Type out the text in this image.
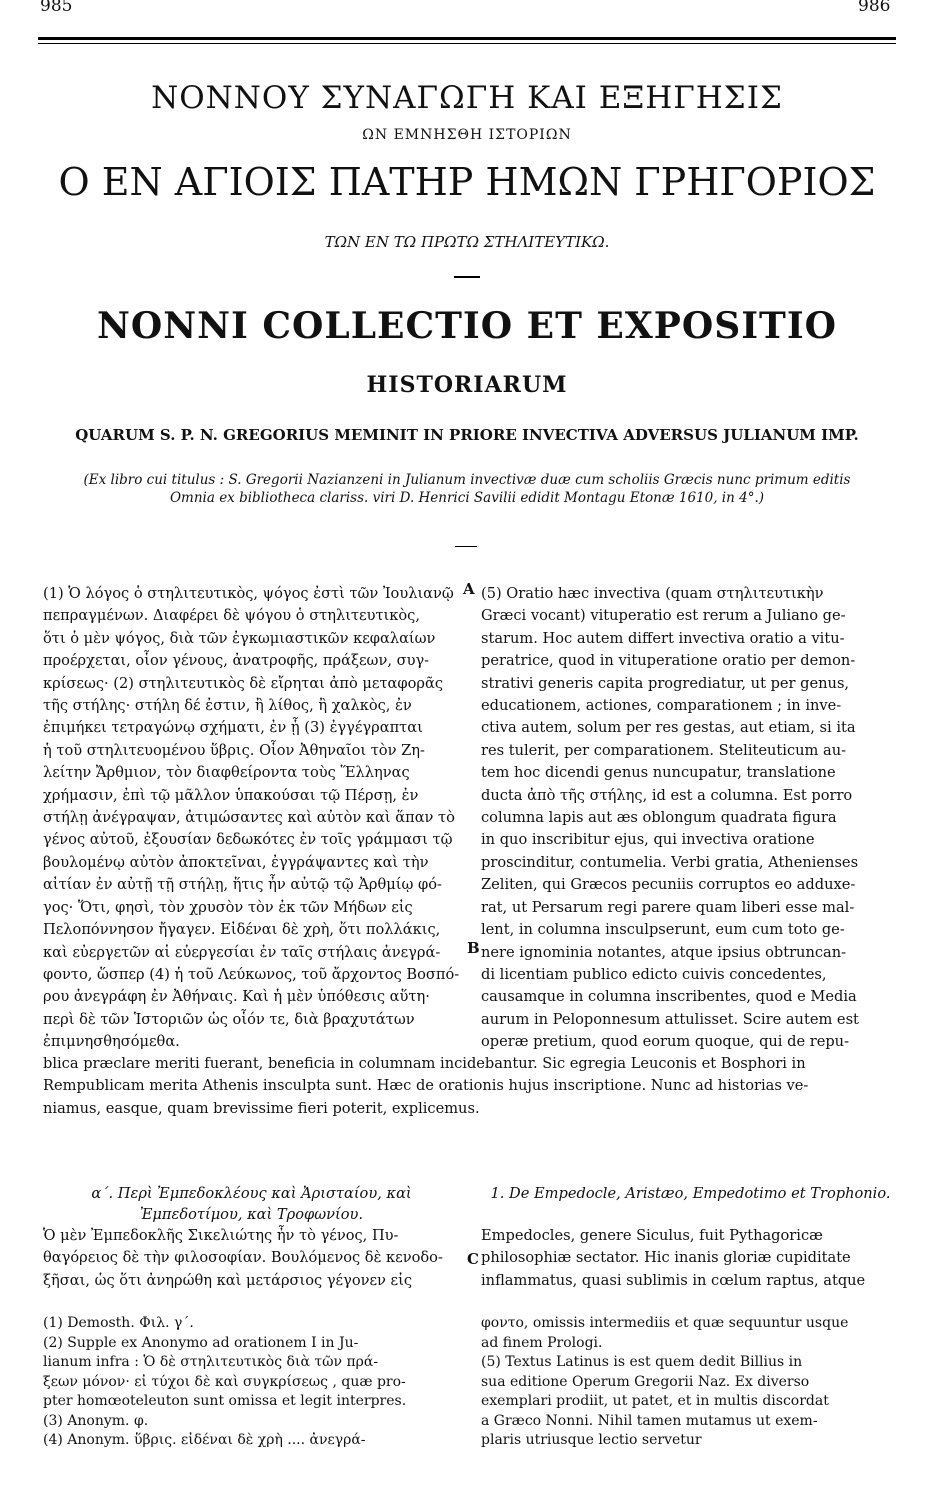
985	986
ΝΟΝΝΟΥ ΣΥΝΑΓΩΓΗ ΚΑΙ ΕΞΗΓΗΣΙΣ
ΩΝ ΕΜΝΗΣΘΗ ΙΣΤΟΡΙΩΝ
Ο ΕΝ ΑΓΙΟΙΣ ΠΑΤΗΡ ΗΜΩΝ ΓΡΗΓΟΡΙΟΣ
ΤΩΝ ΕΝ ΤΩ ΠΡΩΤΩ ΣΤΗΛΙΤΕΥΤΙΚΩ.
NONNI COLLECTIO ET EXPOSITIO
HISTORIARUM
QUARUM S. P. N. GREGORIUS MEMINIT IN PRIORE INVECTIVA ADVERSUS JULIANUM IMP.
(Ex libro cui titulus : S. Gregorii Nazianzeni in Julianum invectivæ duæ cum scholiis Græcis nunc primum editis
Omnia ex bibliotheca clariss. viri D. Henrici Savilii edidit Montagu Etonæ 1610, in 4°.)
(1) Ὁ λόγος ὁ στηλιτευτικὸς, ψόγος ἐστὶ τῶν Ἰουλιανῷ
πεπραγμένων. Διαφέρει δὲ ψόγου ὁ στηλιτευτικὸς,
ὅτι ὁ μὲν ψόγος, διὰ τῶν ἐγκωμιαστικῶν κεφαλαίων
προέρχεται, οἷον γένους, ἀνατροφῆς, πράξεων, συγ-
κρίσεως· (2) στηλιτευτικὸς δὲ εἴρηται ἀπὸ μεταφορᾶς
τῆς στήλης· στήλη δέ ἐστιν, ἢ λίθος, ἢ χαλκὸς, ἐν
ἐπιμήκει τετραγώνῳ σχήματι, ἐν ᾗ (3) ἐγγέγραπται
ἡ τοῦ στηλιτευομένου ὕβρις. Οἷον Ἀθηναῖοι τὸν Ζη-
λείτην Ἄρθμιον, τὸν διαφθείροντα τοὺς Ἕλληνας
χρήμασιν, ἐπὶ τῷ μᾶλλον ὑπακούσαι τῷ Πέρσῃ, ἐν
στήλῃ ἀνέγραψαν, ἀτιμώσαντες καὶ αὐτὸν καὶ ἅπαν τὸ
γένος αὐτοῦ, ἐξουσίαν δεδωκότες ἐν τοῖς γράμμασι τῷ
βουλομένῳ αὐτὸν ἀποκτεῖναι, ἐγγράψαντες καὶ τὴν
αἰτίαν ἐν αὐτῇ τῇ στήλῃ, ἥτις ἦν αὐτῷ τῷ Ἀρθμίῳ φό-
γος· Ὅτι, φησὶ, τὸν χρυσὸν τὸν ἐκ τῶν Μήδων εἰς
Πελοπόννησον ἤγαγεν. Εἰδέναι δὲ χρὴ, ὅτι πολλάκις,
καὶ εὐεργετῶν αἱ εὐεργεσίαι ἐν ταῖς στήλαις ἀνεγρά-
φοντο, ὥσπερ (4) ἡ τοῦ Λεύκωνος, τοῦ ἄρχοντος Βοσπό-
ρου ἀνεγράφη ἐν Ἀθήναις. Καὶ ἡ μὲν ὑπόθεσις αὕτη·
περὶ δὲ τῶν Ἱστοριῶν ὡς οἷόν τε, διὰ βραχυτάτων
ἐπιμνησθησόμεθα.
(5) Oratio hæc invectiva (quam στηλιτευτικὴν
Græci vocant) vituperatio est rerum a Juliano ge-
starum. Hoc autem differt invectiva oratio a vitu-
peratrice, quod in vituperatione oratio per demon-
strativi generis capita progrediatur, ut per genus,
educationem, actiones, comparationem ; in inve-
ctiva autem, solum per res gestas, aut etiam, si ita
res tulerit, per comparationem. Steliteuticum au-
tem hoc dicendi genus nuncupatur, translatione
ducta ἀπὸ τῆς στήλης, id est a columna. Est porro
columna lapis aut æs oblongum quadrata figura
in quo inscribitur ejus, qui invectiva oratione
proscinditur, contumelia. Verbi gratia, Athenienses
Zeliten, qui Græcos pecuniis corruptos eo adduxe-
rat, ut Persarum regi parere quam liberi esse mal-
lent, in columna insculpserunt, eum cum toto ge-
nere ignominia notantes, atque ipsius obtruncan-
di licentiam publico edicto cuivis concedentes,
causamque in columna inscribentes, quod e Media
aurum in Peloponnesum attulisset. Scire autem est
operæ pretium, quod eorum quoque, qui de repu-
A
B
C
blica præclare meriti fuerant, beneficia in columnam incidebantur. Sic egregia Leuconis et Bosphori in
Rempublicam merita Athenis insculpta sunt. Hæc de orationis hujus inscriptione. Nunc ad historias ve-
niamus, easque, quam brevissime fieri poterit, explicemus.
α΄. Περὶ Ἐμπεδοκλέους καὶ Ἀρισταίου, καὶ
Ἐμπεδοτίμου, καὶ Τροφωνίου.
1. De Empedocle, Aristæo, Empedotimo et Trophonio.
Ὁ μὲν Ἐμπεδοκλῆς Σικελιώτης ἦν τὸ γένος, Πυ-
θαγόρειος δὲ τὴν φιλοσοφίαν. Βουλόμενος δὲ κενοδο-
ξῆσαι, ὡς ὅτι ἀνηρώθη καὶ μετάρσιος γέγονεν εἰς
Empedocles, genere Siculus, fuit Pythagoricæ
philosophiæ sectator. Hic inanis gloriæ cupiditate
inflammatus, quasi sublimis in cœlum raptus, atque
(1) Demosth. Φιλ. γ΄.
(2) Supple ex Anonymo ad orationem I in Ju-
lianum infra : Ὁ δὲ στηλιτευτικὸς διὰ τῶν πρά-
ξεων μόνον· εἰ τύχοι δὲ καὶ συγκρίσεως , quæ pro-
pter homœoteleuton sunt omissa et legit interpres.
(3) Anonym. φ.
(4) Anonym. ὕβρις. εἰδέναι δὲ χρὴ .... ἀνεγρά-
φοντο, omissis intermediis et quæ sequuntur usque
ad finem Prologi.
(5) Textus Latinus is est quem dedit Billius in
sua editione Operum Gregorii Naz. Ex diverso
exemplari prodiit, ut patet, et in multis discordat
a Græco Nonni. Nihil tamen mutamus ut exem-
plaris utriusque lectio servetur
